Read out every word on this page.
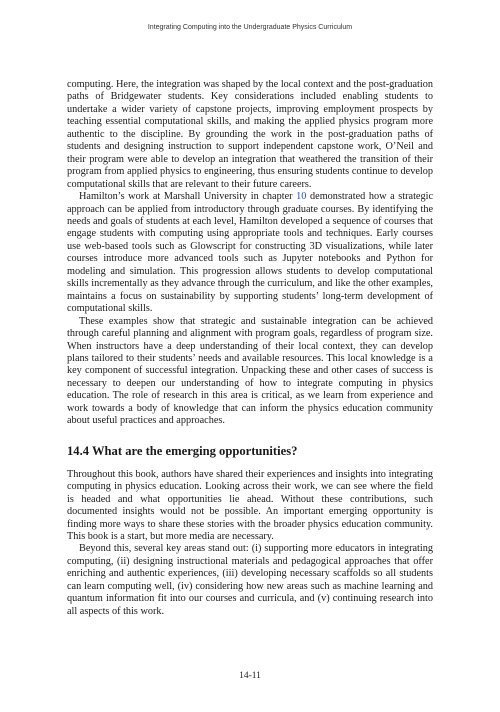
Integrating Computing into the Undergraduate Physics Curriculum

computing. Here, the integration was shaped by the local context and the post-graduation paths of Bridgewater students. Key considerations included enabling students to undertake a wider variety of capstone projects, improving employment prospects by teaching essential computational skills, and making the applied physics program more authentic to the discipline. By grounding the work in the post-graduation paths of students and designing instruction to support independent capstone work, O’Neil and their program were able to develop an integration that weathered the transition of their program from applied physics to engineering, thus ensuring students continue to develop computational skills that are relevant to their future careers.

Hamilton’s work at Marshall University in chapter 10 demonstrated how a strategic approach can be applied from introductory through graduate courses. By identifying the needs and goals of students at each level, Hamilton developed a sequence of courses that engage students with computing using appropriate tools and techniques. Early courses use web-based tools such as Glowscript for constructing 3D visualizations, while later courses introduce more advanced tools such as Jupyter notebooks and Python for modeling and simulation. This progression allows students to develop computational skills incrementally as they advance through the curriculum, and like the other examples, maintains a focus on sustainability by supporting students’ long-term development of computational skills.

These examples show that strategic and sustainable integration can be achieved through careful planning and alignment with program goals, regardless of program size. When instructors have a deep understanding of their local context, they can develop plans tailored to their students’ needs and available resources. This local knowledge is a key component of successful integration. Unpacking these and other cases of success is necessary to deepen our understanding of how to integrate computing in physics education. The role of research in this area is critical, as we learn from experience and work towards a body of knowledge that can inform the physics education community about useful practices and approaches.

14.4 What are the emerging opportunities?

Throughout this book, authors have shared their experiences and insights into integrating computing in physics education. Looking across their work, we can see where the field is headed and what opportunities lie ahead. Without these contributions, such documented insights would not be possible. An important emerging opportunity is finding more ways to share these stories with the broader physics education community. This book is a start, but more media are necessary.

Beyond this, several key areas stand out: (i) supporting more educators in integrating computing, (ii) designing instructional materials and pedagogical approaches that offer enriching and authentic experiences, (iii) developing necessary scaffolds so all students can learn computing well, (iv) considering how new areas such as machine learning and quantum information fit into our courses and curricula, and (v) continuing research into all aspects of this work.

14-11
